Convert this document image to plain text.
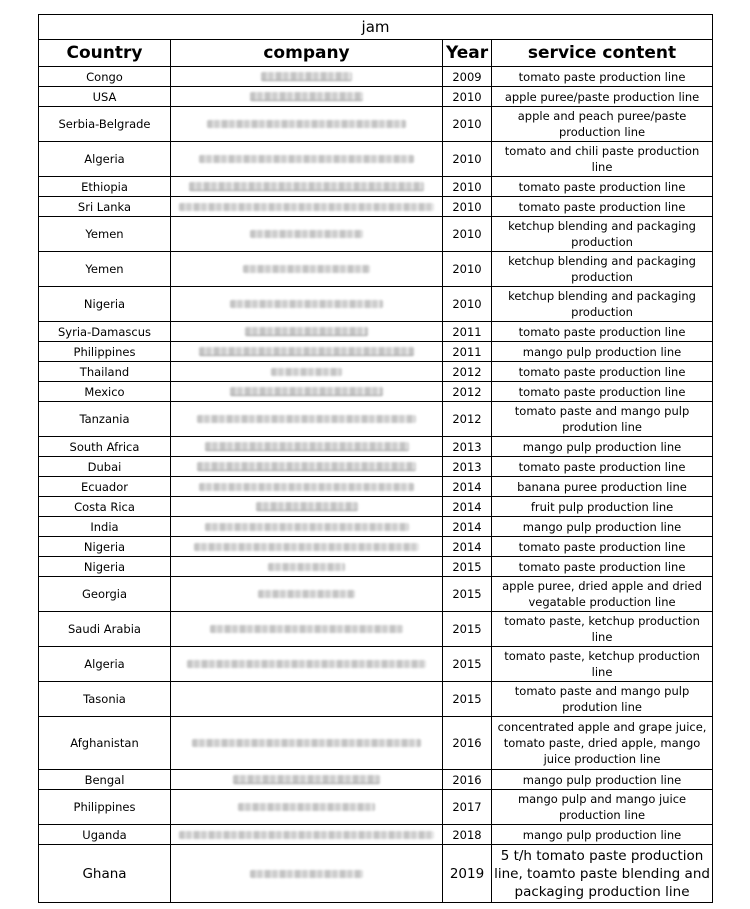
jam			
Country	company	Year	service content
Congo		2009	tomato paste production line
USA		2010	apple puree/paste production line
Serbia-Belgrade		2010	apple and peach puree/paste production line
Algeria		2010	tomato and chili paste production line
Ethiopia		2010	tomato paste production line
Sri Lanka		2010	tomato paste production line
Yemen		2010	ketchup blending and packaging production
Yemen		2010	ketchup blending and packaging production
Nigeria		2010	ketchup blending and packaging production
Syria-Damascus		2011	tomato paste production line
Philippines		2011	mango pulp production line
Thailand		2012	tomato paste production line
Mexico		2012	tomato paste production line
Tanzania		2012	tomato paste and mango pulp prodution line
South Africa		2013	mango pulp production line
Dubai		2013	tomato paste production line
Ecuador		2014	banana puree production line
Costa Rica		2014	fruit pulp production line
India		2014	mango pulp production line
Nigeria		2014	tomato paste production line
Nigeria		2015	tomato paste production line
Georgia		2015	apple puree, dried apple and dried vegatable production line
Saudi Arabia		2015	tomato paste, ketchup production line
Algeria		2015	tomato paste, ketchup production line
Tasonia		2015	tomato paste and mango pulp prodution line
Afghanistan		2016	concentrated apple and grape juice, tomato paste, dried apple, mango juice production line
Bengal		2016	mango pulp production line
Philippines		2017	mango pulp and mango juice production line
Uganda		2018	mango pulp production line
Ghana		2019	5 t/h tomato paste production line, toamto paste blending and packaging production line
